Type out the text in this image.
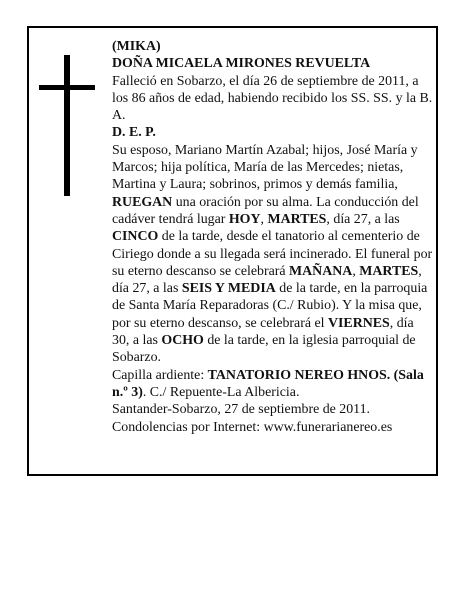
(MIKA)

DOÑA MICAELA MIRONES REVUELTA

Falleció en Sobarzo, el día 26 de septiembre de 2011, a los 86 años de edad, habiendo recibido los SS. SS. y la B. A.

D. E. P.

Su esposo, Mariano Martín Azabal; hijos, José María y Marcos; hija política, María de las Mercedes; nietas, Martina y Laura; sobrinos, primos y demás familia, RUEGAN una oración por su alma. La conducción del cadáver tendrá lugar HOY, MARTES, día 27, a las CINCO de la tarde, desde el tanatorio al cementerio de Ciriego donde a su llegada será incinerado. El funeral por su eterno descanso se celebrará MAÑANA, MARTES, día 27, a las SEIS Y MEDIA de la tarde, en la parroquia de Santa María Reparadoras (C./ Rubio). Y la misa que, por su eterno descanso, se celebrará el VIERNES, día 30, a las OCHO de la tarde, en la iglesia parroquial de Sobarzo.

Capilla ardiente: TANATORIO NEREO HNOS. (Sala n.º 3). C./ Repuente-La Albericia.

Santander-Sobarzo, 27 de septiembre de 2011.

Condolencias por Internet: www.funerarianereo.es
